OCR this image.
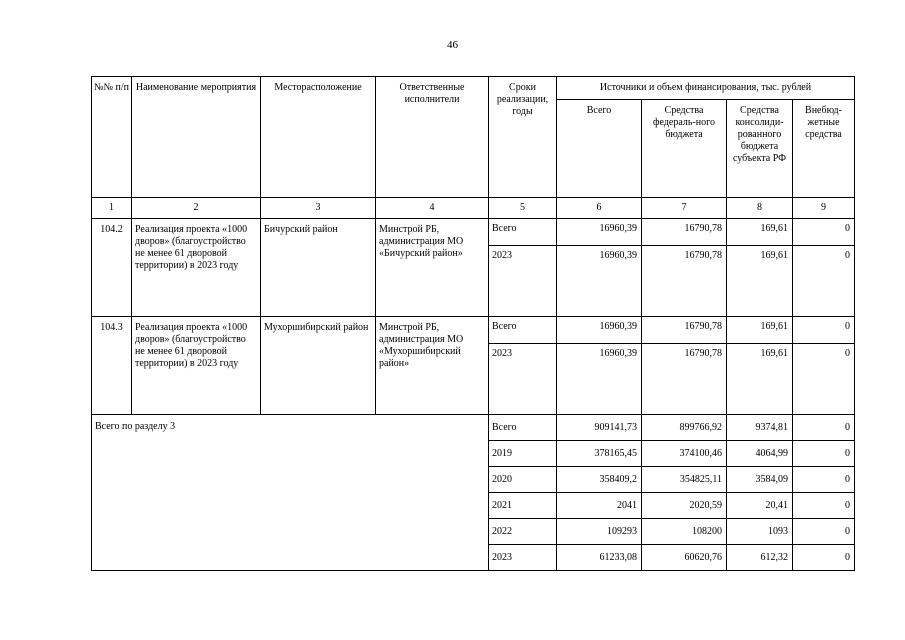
46
№№ п/п	Наименование мероприятия	Месторасположение	Ответственные исполнители	Сроки реализации, годы	Источники и объем финансирования, тыс. рублей			
					Всего	Средства федераль-ного бюджета	Средства консолиди-рованного бюджета субъекта РФ	Внебюд-жетные средства
1	2	3	4	5	6	7	8	9
104.2	Реализация проекта «1000 дворов» (благоустройство не менее 61 дворовой территории) в 2023 году	Бичурский район	Минстрой РБ, администрация МО «Бичурский район»	Всего	16960,39	16790,78	169,61	0
				2023	16960,39	16790,78	169,61	0
104.3	Реализация проекта «1000 дворов» (благоустройство не менее 61 дворовой территории) в 2023 году	Мухоршибирский район	Минстрой РБ, администрация МО «Мухоршибирский район»	Всего	16960,39	16790,78	169,61	0
				2023	16960,39	16790,78	169,61	0
Всего по разделу 3				Всего	909141,73	899766,92	9374,81	0
				2019	378165,45	374100,46	4064,99	0
				2020	358409,2	354825,11	3584,09	0
				2021	2041	2020,59	20,41	0
				2022	109293	108200	1093	0
				2023	61233,08	60620,76	612,32	0
